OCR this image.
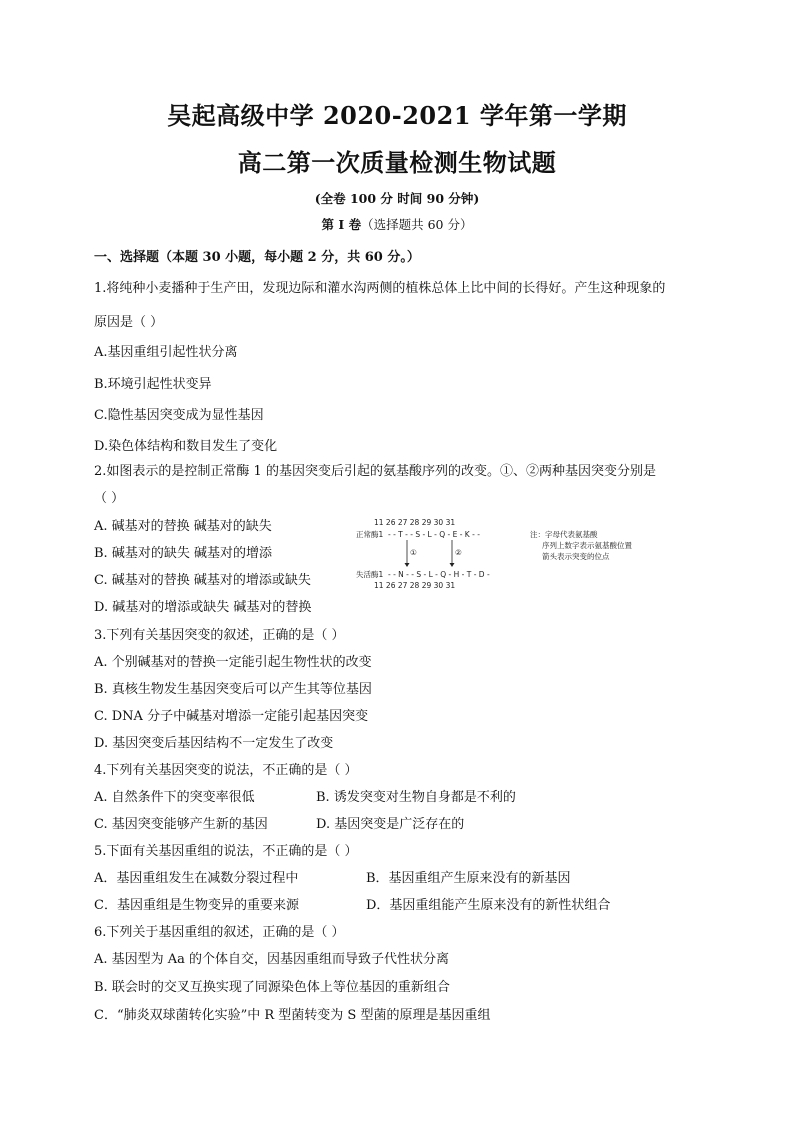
吴起高级中学 2020-2021 学年第一学期
高二第一次质量检测生物试题
(全卷 100 分 时间 90 分钟)
第 I 卷（选择题共 60 分）
一、选择题（本题 30 小题，每小题 2 分，共 60 分。）
1.将纯种小麦播种于生产田，发现边际和灌水沟两侧的植株总体上比中间的长得好。产生这种现象的
原因是（ ）
A.基因重组引起性状分离
B.环境引起性状变异
C.隐性基因突变成为显性基因
D.染色体结构和数目发生了变化
2.如图表示的是控制正常酶 1 的基因突变后引起的氨基酸序列的改变。①、②两种基因突变分别是
（ ）
A. 碱基对的替换 碱基对的缺失
B. 碱基对的缺失 碱基对的增添
C. 碱基对的替换 碱基对的增添或缺失
D. 碱基对的增添或缺失 碱基对的替换
11 26 27 28 29 30 31
正常酶1 - - T - - S - L - Q - E - K - -
①	②
失活酶1 - - N - - S - L - Q - H - T - D -
11 26 27 28 29 30 31
注：字母代表氨基酸
序列上数字表示氨基酸位置
箭头表示突变的位点
3.下列有关基因突变的叙述，正确的是（ ）
A. 个别碱基对的替换一定能引起生物性状的改变
B. 真核生物发生基因突变后可以产生其等位基因
C. DNA 分子中碱基对增添一定能引起基因突变
D. 基因突变后基因结构不一定发生了改变
4.下列有关基因突变的说法，不正确的是（ ）
A. 自然条件下的突变率很低	B. 诱发突变对生物自身都是不利的
C. 基因突变能够产生新的基因	D. 基因突变是广泛存在的
5.下面有关基因重组的说法，不正确的是（ ）
A．基因重组发生在减数分裂过程中	B．基因重组产生原来没有的新基因
C．基因重组是生物变异的重要来源	D．基因重组能产生原来没有的新性状组合
6.下列关于基因重组的叙述，正确的是（ ）
A. 基因型为 Aa 的个体自交，因基因重组而导致子代性状分离
B. 联会时的交叉互换实现了同源染色体上等位基因的重新组合
C．“肺炎双球菌转化实验”中 R 型菌转变为 S 型菌的原理是基因重组
